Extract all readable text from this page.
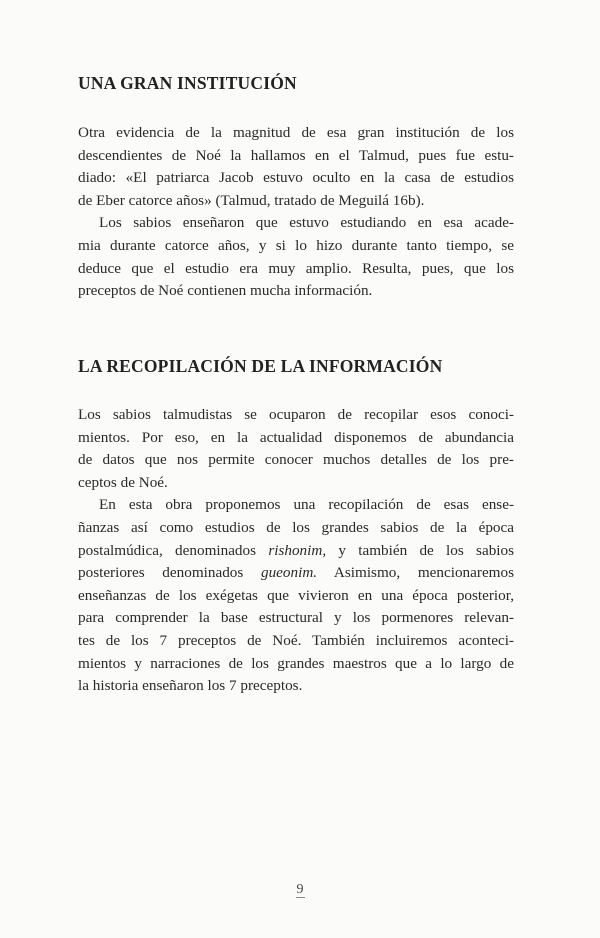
UNA GRAN INSTITUCIÓN
Otra evidencia de la magnitud de esa gran institución de los
descendientes de Noé la hallamos en el Talmud, pues fue estu-
diado: «El patriarca Jacob estuvo oculto en la casa de estudios
de Eber catorce años» (Talmud, tratado de Meguilá 16b).
Los sabios enseñaron que estuvo estudiando en esa acade-
mia durante catorce años, y si lo hizo durante tanto tiempo, se
deduce que el estudio era muy amplio. Resulta, pues, que los
preceptos de Noé contienen mucha información.
LA RECOPILACIÓN DE LA INFORMACIÓN
Los sabios talmudistas se ocuparon de recopilar esos conoci-
mientos. Por eso, en la actualidad disponemos de abundancia
de datos que nos permite conocer muchos detalles de los pre-
ceptos de Noé.
En esta obra proponemos una recopilación de esas ense-
ñanzas así como estudios de los grandes sabios de la época
postalmúdica, denominados rishonim, y también de los sabios
posteriores denominados gueonim. Asimismo, mencionaremos
enseñanzas de los exégetas que vivieron en una época posterior,
para comprender la base estructural y los pormenores relevan-
tes de los 7 preceptos de Noé. También incluiremos aconteci-
mientos y narraciones de los grandes maestros que a lo largo de
la historia enseñaron los 7 preceptos.
9
